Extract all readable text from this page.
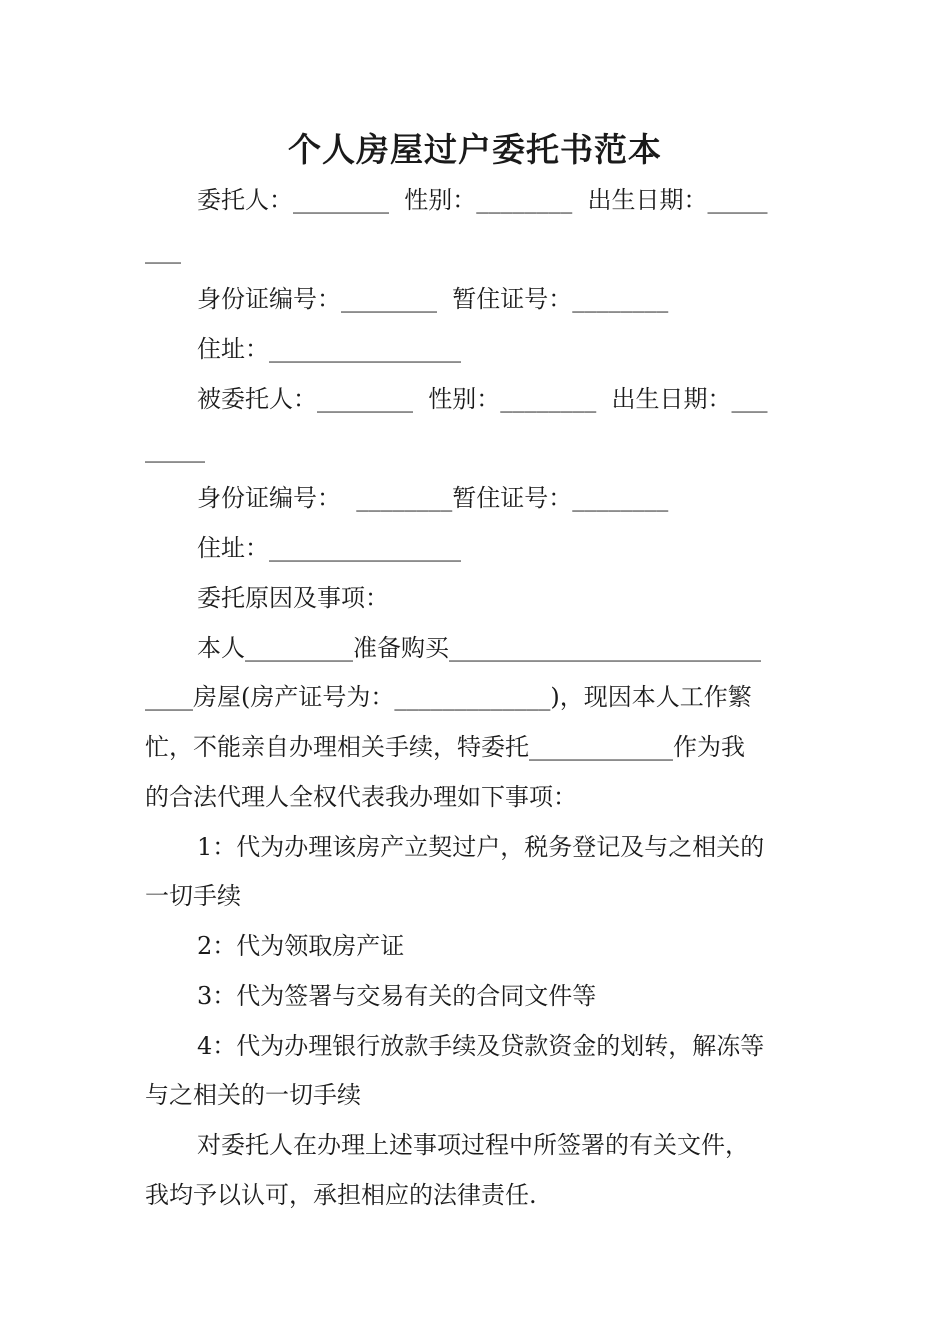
个人房屋过户委托书范本

委托人：________  性别：________  出生日期：_____

___

身份证编号：________  暂住证号：________

住址：________________

被委托人：________  性别：________  出生日期：___

_____

身份证编号：  ________暂住证号：________

住址：________________

委托原因及事项：

本人_________准备购买__________________________

____房屋(房产证号为：_____________)，现因本人工作繁

忙，不能亲自办理相关手续，特委托____________作为我

的合法代理人全权代表我办理如下事项：

1：代为办理该房产立契过户，税务登记及与之相关的

一切手续

2：代为领取房产证

3：代为签署与交易有关的合同文件等

4：代为办理银行放款手续及贷款资金的划转，解冻等

与之相关的一切手续

对委托人在办理上述事项过程中所签署的有关文件，

我均予以认可，承担相应的法律责任.
